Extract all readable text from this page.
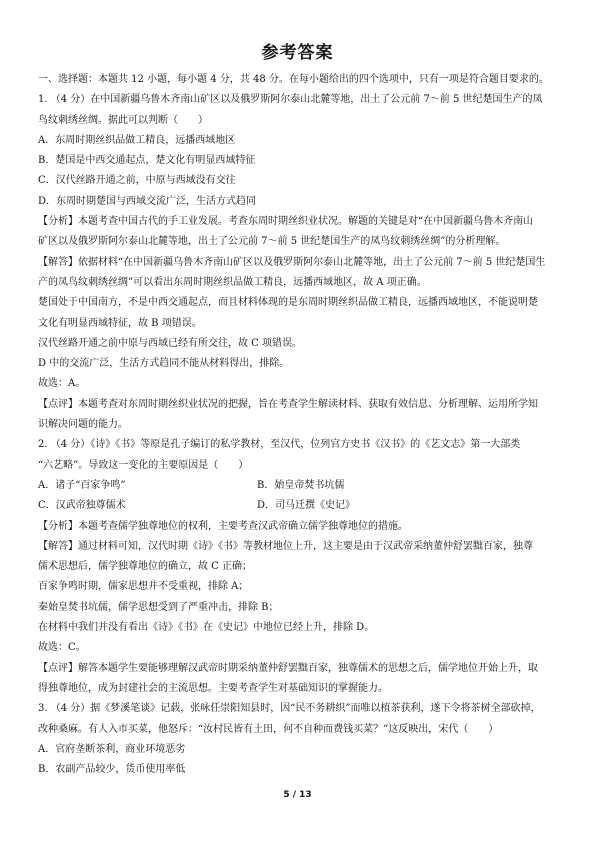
参考答案
一、选择题：本题共 12 小题，每小题 4 分，共 48 分。在每小题给出的四个选项中，只有一项是符合题目要求的。
1. （4 分）在中国新疆乌鲁木齐南山矿区以及俄罗斯阿尔泰山北麓等地，出土了公元前 7～前 5 世纪楚国生产的凤
鸟纹刺绣丝绸。据此可以判断（　　）
A．东周时期丝织品做工精良，远播西域地区
B．楚国是中西交通起点，楚文化有明显西域特征
C．汉代丝路开通之前，中原与西域没有交往
D．东周时期楚国与西域交流广泛，生活方式趋同
【分析】本题考查中国古代的手工业发展。考查东周时期丝织业状况。解题的关键是对“在中国新疆乌鲁木齐南山
矿区以及俄罗斯阿尔泰山北麓等地，出土了公元前 7～前 5 世纪楚国生产的凤鸟纹刺绣丝绸”的分析理解。
【解答】依据材料“在中国新疆乌鲁木齐南山矿区以及俄罗斯阿尔泰山北麓等地，出土了公元前 7～前 5 世纪楚国生
产的凤鸟纹刺绣丝绸”可以看出东周时期丝织品做工精良，远播西域地区，故 A 项正确。
楚国处于中国南方，不是中西交通起点，而且材料体现的是东周时期丝织品做工精良，远播西域地区，不能说明楚
文化有明显西域特征，故 B 项错误。
汉代丝路开通之前中原与西域已经有所交往，故 C 项错误。
D 中的交流广泛，生活方式趋同不能从材料得出，排除。
故选：A。
【点评】本题考查对东周时期丝织业状况的把握，旨在考查学生解读材料、获取有效信息、分析理解、运用所学知
识解决问题的能力。
2. （4 分）《诗》《书》等原是孔子编订的私学教材，至汉代，位列官方史书《汉书》的《艺文志》第一大部类
“六艺略”。导致这一变化的主要原因是（　　）
A．诸子“百家争鸣”	B．始皇帝焚书坑儒
C．汉武帝独尊儒术	D．司马迁撰《史记》
【分析】本题考查儒学独尊地位的权利，主要考查汉武帝确立儒学独尊地位的措施。
【解答】通过材料可知，汉代时期《诗》《书》等教材地位上升，这主要是由于汉武帝采纳董仲舒罢黜百家，独尊
儒术思想后，儒学独尊地位的确立，故 C 正确；
百家争鸣时期，儒家思想并不受重视，排除 A；
秦始皇焚书坑儒，儒学思想受到了严重冲击，排除 B；
在材料中我们并没有看出《诗》《书》在《史记》中地位已经上升，排除 D。
故选：C。
【点评】解答本题学生要能够理解汉武帝时期采纳董仲舒罢黜百家，独尊儒术的思想之后，儒学地位开始上升，取
得独尊地位，成为封建社会的主流思想。主要考查学生对基础知识的掌握能力。
3. （4 分）据《梦溪笔谈》记载，张咏任崇阳知县时，因“民不务耕织”而唯以植茶获利，遂下令将茶树全部砍掉，
改种桑麻。有人入市买菜，他怒斥：“汝村民皆有土田，何不自种而费钱买菜？”这反映出，宋代（　　）
A．官府垄断茶利，商业环境恶劣
B．农副产品较少，货币使用率低
5 / 13
